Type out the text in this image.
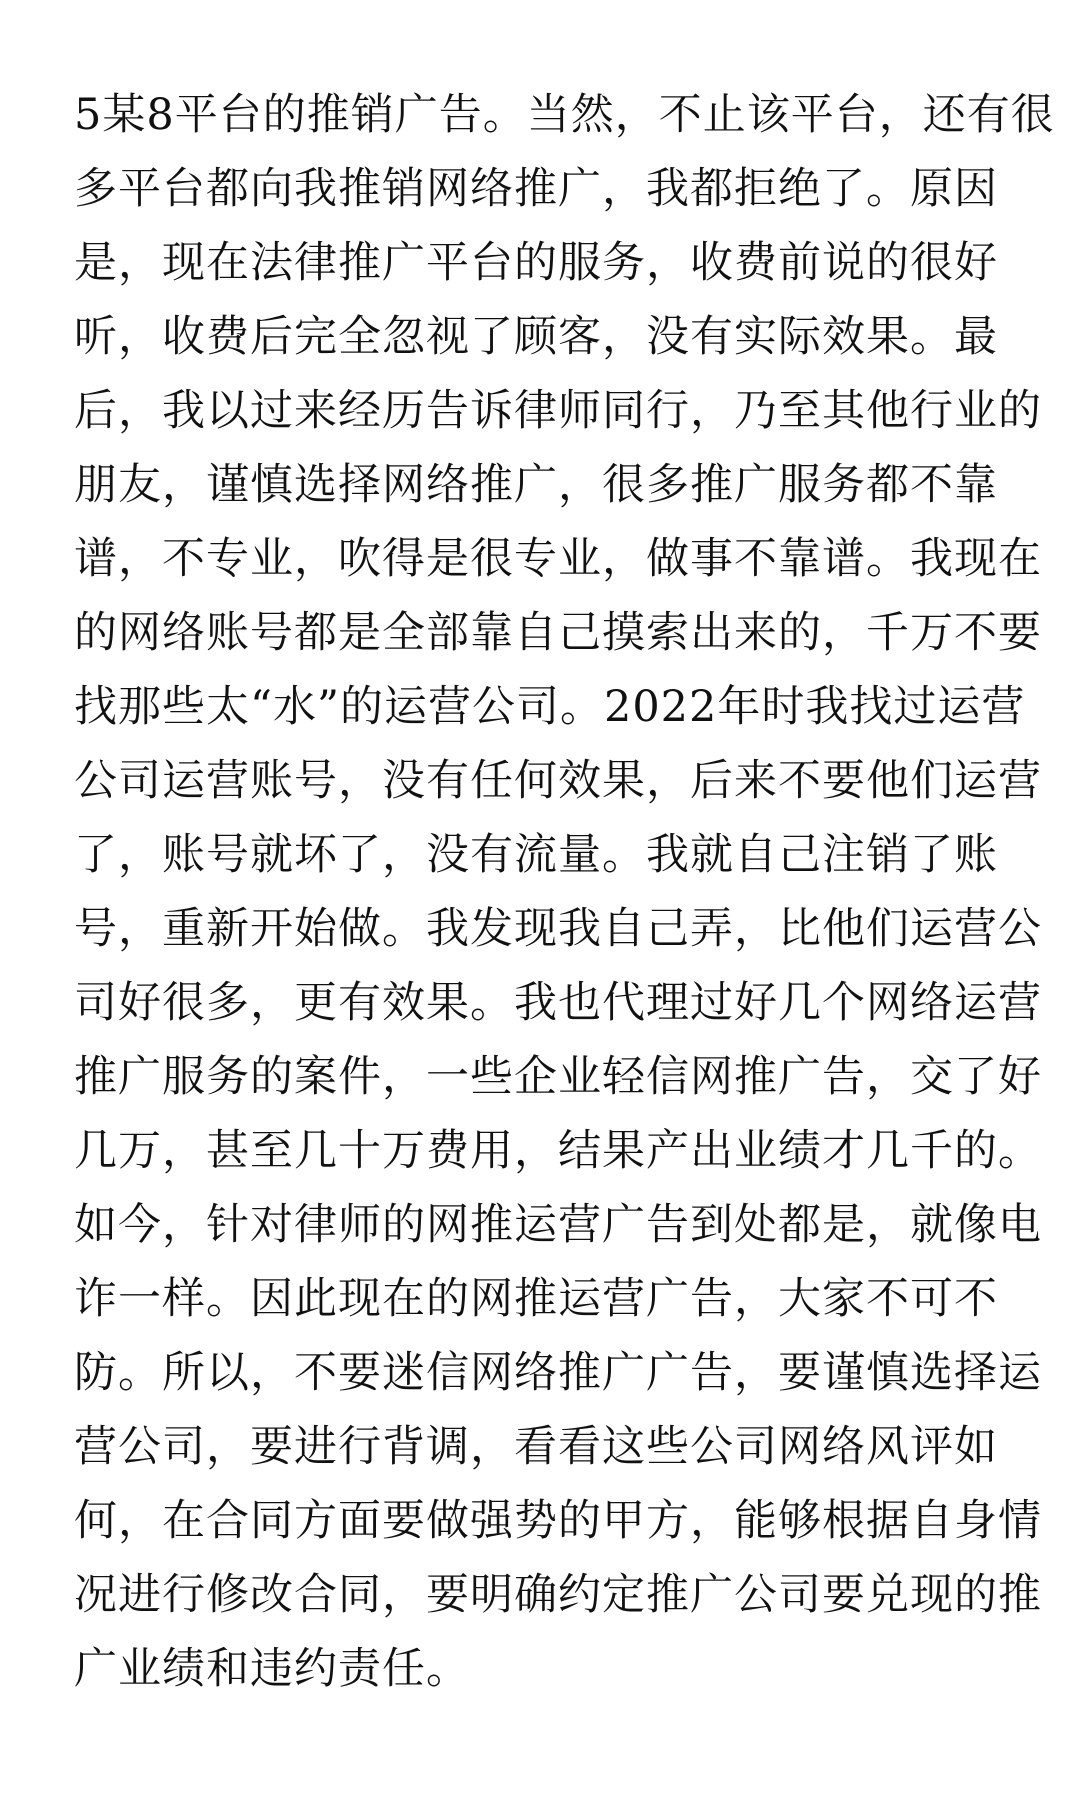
5某8平台的推销广告。当然，不止该平台，还有很
多平台都向我推销网络推广，我都拒绝了。原因
是，现在法律推广平台的服务，收费前说的很好
听，收费后完全忽视了顾客，没有实际效果。最
后，我以过来经历告诉律师同行，乃至其他行业的
朋友，谨慎选择网络推广，很多推广服务都不靠
谱，不专业，吹得是很专业，做事不靠谱。我现在
的网络账号都是全部靠自己摸索出来的，千万不要
找那些太“水”的运营公司。2022年时我找过运营
公司运营账号，没有任何效果，后来不要他们运营
了，账号就坏了，没有流量。我就自己注销了账
号，重新开始做。我发现我自己弄，比他们运营公
司好很多，更有效果。我也代理过好几个网络运营
推广服务的案件，一些企业轻信网推广告，交了好
几万，甚至几十万费用，结果产出业绩才几千的。
如今，针对律师的网推运营广告到处都是，就像电
诈一样。因此现在的网推运营广告，大家不可不
防。所以，不要迷信网络推广广告，要谨慎选择运
营公司，要进行背调，看看这些公司网络风评如
何，在合同方面要做强势的甲方，能够根据自身情
况进行修改合同，要明确约定推广公司要兑现的推
广业绩和违约责任。
